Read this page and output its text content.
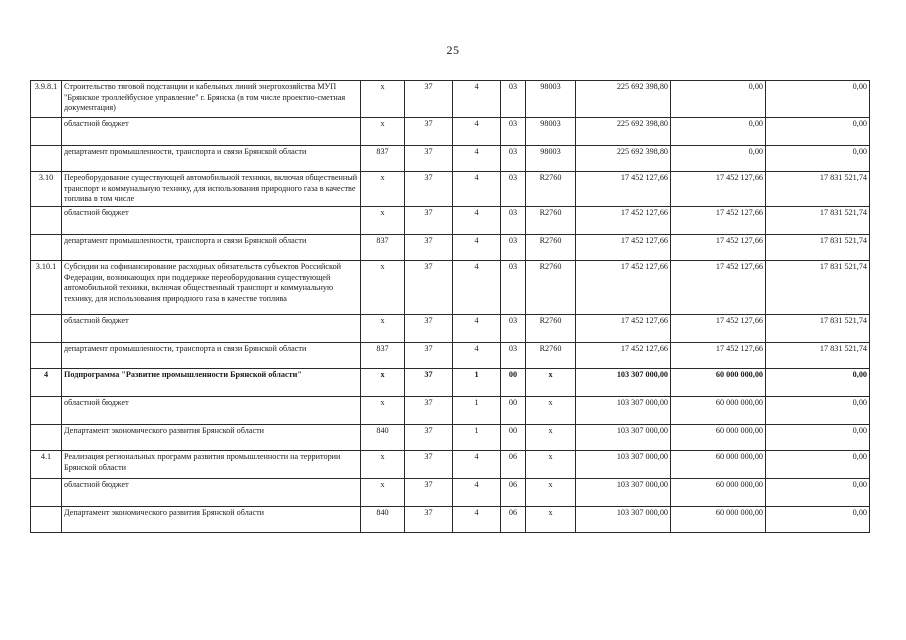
25
3.9.8.1	Строительство тяговой подстанции и кабельных линий энергохозяйства МУП "Брянское троллейбусное управление" г. Брянска (в том числе проектно-сметная документация)	х	37	4	03	98003	225 692 398,80	0,00	0,00
	областной бюджет	х	37	4	03	98003	225 692 398,80	0,00	0,00
	департамент промышленности, транспорта и связи Брянской области	837	37	4	03	98003	225 692 398,80	0,00	0,00
3.10	Переоборудование существующей автомобильной техники, включая общественный транспорт и коммунальную технику, для использования природного газа в качестве топлива в том числе	х	37	4	03	R2760	17 452 127,66	17 452 127,66	17 831 521,74
	областной бюджет	х	37	4	03	R2760	17 452 127,66	17 452 127,66	17 831 521,74
	департамент промышленности, транспорта и связи Брянской области	837	37	4	03	R2760	17 452 127,66	17 452 127,66	17 831 521,74
3.10.1	Субсидии на софинансирование расходных обязательств субъектов Российской Федерации, возникающих при поддержке переоборудования существующей автомобильной техники, включая общественный транспорт и коммунальную технику, для использования природного газа в качестве топлива	х	37	4	03	R2760	17 452 127,66	17 452 127,66	17 831 521,74
	областной бюджет	х	37	4	03	R2760	17 452 127,66	17 452 127,66	17 831 521,74
	департамент промышленности, транспорта и связи Брянской области	837	37	4	03	R2760	17 452 127,66	17 452 127,66	17 831 521,74
4	Подпрограмма "Развитие промышленности Брянской области"	х	37	1	00	х	103 307 000,00	60 000 000,00	0,00
	областной бюджет	х	37	1	00	х	103 307 000,00	60 000 000,00	0,00
	Департамент экономического развития Брянской области	840	37	1	00	х	103 307 000,00	60 000 000,00	0,00
4.1	Реализация региональных программ развития промышленности на территории Брянской области	х	37	4	06	х	103 307 000,00	60 000 000,00	0,00
	областной бюджет	х	37	4	06	х	103 307 000,00	60 000 000,00	0,00
	Департамент экономического развития Брянской области	840	37	4	06	х	103 307 000,00	60 000 000,00	0,00
